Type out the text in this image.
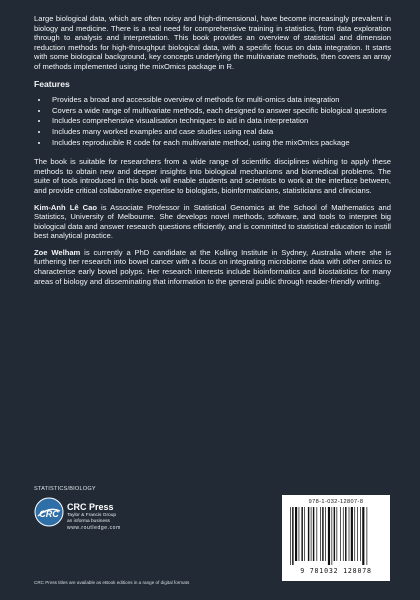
Large biological data, which are often noisy and high-dimensional, have become increasingly prevalent in biology and medicine. There is a real need for comprehensive training in statistics, from data exploration through to analysis and interpretation. This book provides an overview of statistical and dimension reduction methods for high-throughput biological data, with a specific focus on data integration. It starts with some biological background, key concepts underlying the multivariate methods, then covers an array of methods implemented using the mixOmics package in R.

Features
• Provides a broad and accessible overview of methods for multi-omics data integration
• Covers a wide range of multivariate methods, each designed to answer specific biological questions
• Includes comprehensive visualisation techniques to aid in data interpretation
• Includes many worked examples and case studies using real data
• Includes reproducible R code for each multivariate method, using the mixOmics package

The book is suitable for researchers from a wide range of scientific disciplines wishing to apply these methods to obtain new and deeper insights into biological mechanisms and biomedical problems. The suite of tools introduced in this book will enable students and scientists to work at the interface between, and provide critical collaborative expertise to biologists, bioinformaticians, statisticians and clinicians.

Kim-Anh Lê Cao is Associate Professor in Statistical Genomics at the School of Mathematics and Statistics, University of Melbourne. She develops novel methods, software, and tools to interpret big biological data and answer research questions efficiently, and is committed to statistical education to instill best analytical practice.

Zoe Welham is currently a PhD candidate at the Kolling Institute in Sydney, Australia where she is furthering her research into bowel cancer with a focus on integrating microbiome data with other omics to characterise early bowel polyps. Her research interests include bioinformatics and biostatistics for many areas of biology and disseminating that information to the general public through reader-friendly writing.

STATISTICS/BIOLOGY
CRC
CRC Press
Taylor & Francis Group
an informa business
www.routledge.com
CRC Press titles are available as eBook editions in a range of digital formats
978-1-032-12807-8
9 781032 128078
